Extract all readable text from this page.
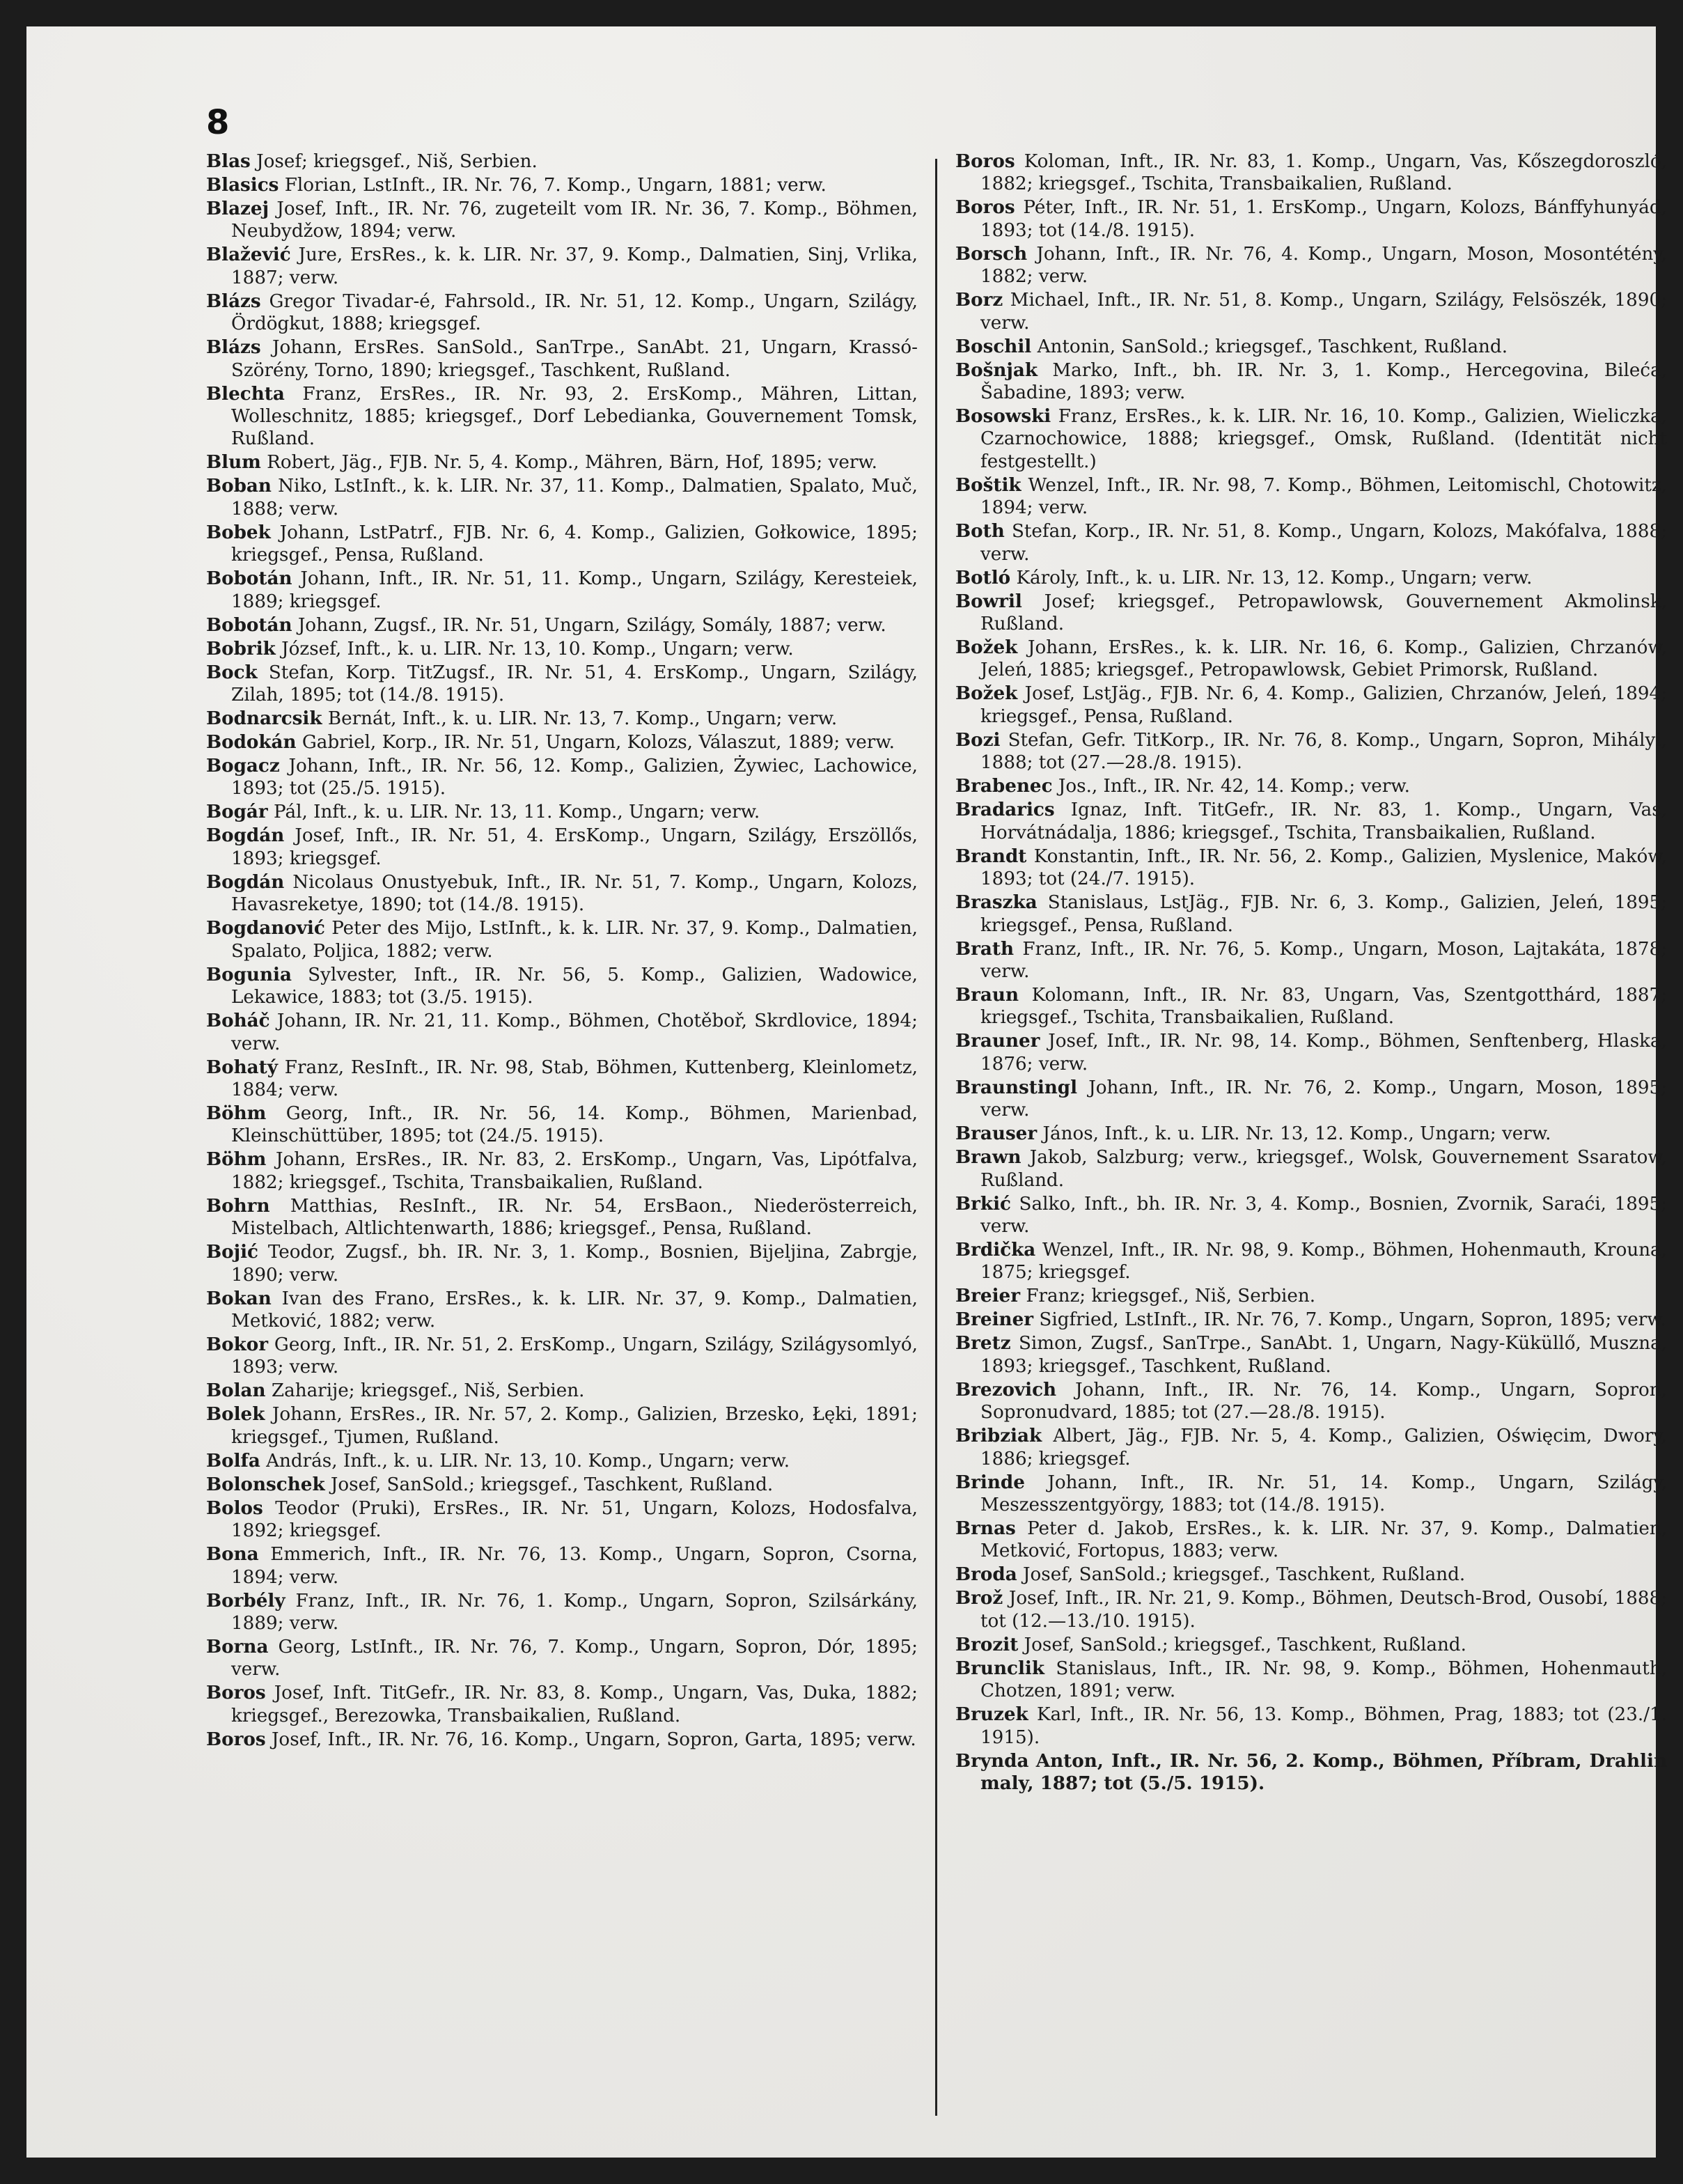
8
Blas Josef; kriegsgef., Niš, Serbien.
Blasics Florian, LstInft., IR. Nr. 76, 7. Komp., Ungarn, 1881; verw.
Blazej Josef, Inft., IR. Nr. 76, zugeteilt vom IR. Nr. 36, 7. Komp., Böhmen, Neubydžow, 1894; verw.
Blažević Jure, ErsRes., k. k. LIR. Nr. 37, 9. Komp., Dalmatien, Sinj, Vrlika, 1887; verw.
Blázs Gregor Tivadar-é, Fahrsold., IR. Nr. 51, 12. Komp., Ungarn, Szilágy, Ördögkut, 1888; kriegsgef.
Blázs Johann, ErsRes. SanSold., SanTrpe., SanAbt. 21, Ungarn, Krassó-Szörény, Torno, 1890; kriegsgef., Taschkent, Rußland.
Blechta Franz, ErsRes., IR. Nr. 93, 2. ErsKomp., Mähren, Littan, Wolleschnitz, 1885; kriegsgef., Dorf Lebedianka, Gouvernement Tomsk, Rußland.
Blum Robert, Jäg., FJB. Nr. 5, 4. Komp., Mähren, Bärn, Hof, 1895; verw.
Boban Niko, LstInft., k. k. LIR. Nr. 37, 11. Komp., Dalmatien, Spalato, Muč, 1888; verw.
Bobek Johann, LstPatrf., FJB. Nr. 6, 4. Komp., Galizien, Gołkowice, 1895; kriegsgef., Pensa, Rußland.
Bobotán Johann, Inft., IR. Nr. 51, 11. Komp., Ungarn, Szilágy, Keresteiek, 1889; kriegsgef.
Bobotán Johann, Zugsf., IR. Nr. 51, Ungarn, Szilágy, Somály, 1887; verw.
Bobrik József, Inft., k. u. LIR. Nr. 13, 10. Komp., Ungarn; verw.
Bock Stefan, Korp. TitZugsf., IR. Nr. 51, 4. ErsKomp., Ungarn, Szilágy, Zilah, 1895; tot (14./8. 1915).
Bodnarcsik Bernát, Inft., k. u. LIR. Nr. 13, 7. Komp., Ungarn; verw.
Bodokán Gabriel, Korp., IR. Nr. 51, Ungarn, Kolozs, Válaszut, 1889; verw.
Bogacz Johann, Inft., IR. Nr. 56, 12. Komp., Galizien, Żywiec, Lachowice, 1893; tot (25./5. 1915).
Bogár Pál, Inft., k. u. LIR. Nr. 13, 11. Komp., Ungarn; verw.
Bogdán Josef, Inft., IR. Nr. 51, 4. ErsKomp., Ungarn, Szilágy, Erszöllős, 1893; kriegsgef.
Bogdán Nicolaus Onustyebuk, Inft., IR. Nr. 51, 7. Komp., Ungarn, Kolozs, Havasreketye, 1890; tot (14./8. 1915).
Bogdanović Peter des Mijo, LstInft., k. k. LIR. Nr. 37, 9. Komp., Dalmatien, Spalato, Poljica, 1882; verw.
Bogunia Sylvester, Inft., IR. Nr. 56, 5. Komp., Galizien, Wadowice, Lekawice, 1883; tot (3./5. 1915).
Boháč Johann, IR. Nr. 21, 11. Komp., Böhmen, Chotěboř, Skrdlovice, 1894; verw.
Bohatý Franz, ResInft., IR. Nr. 98, Stab, Böhmen, Kuttenberg, Kleinlometz, 1884; verw.
Böhm Georg, Inft., IR. Nr. 56, 14. Komp., Böhmen, Marienbad, Kleinschüttüber, 1895; tot (24./5. 1915).
Böhm Johann, ErsRes., IR. Nr. 83, 2. ErsKomp., Ungarn, Vas, Lipótfalva, 1882; kriegsgef., Tschita, Transbaikalien, Rußland.
Bohrn Matthias, ResInft., IR. Nr. 54, ErsBaon., Niederösterreich, Mistelbach, Altlichtenwarth, 1886; kriegsgef., Pensa, Rußland.
Bojić Teodor, Zugsf., bh. IR. Nr. 3, 1. Komp., Bosnien, Bijeljina, Zabrgje, 1890; verw.
Bokan Ivan des Frano, ErsRes., k. k. LIR. Nr. 37, 9. Komp., Dalmatien, Metković, 1882; verw.
Bokor Georg, Inft., IR. Nr. 51, 2. ErsKomp., Ungarn, Szilágy, Szilágysomlyó, 1893; verw.
Bolan Zaharije; kriegsgef., Niš, Serbien.
Bolek Johann, ErsRes., IR. Nr. 57, 2. Komp., Galizien, Brzesko, Łęki, 1891; kriegsgef., Tjumen, Rußland.
Bolfa András, Inft., k. u. LIR. Nr. 13, 10. Komp., Ungarn; verw.
Bolonschek Josef, SanSold.; kriegsgef., Taschkent, Rußland.
Bolos Teodor (Pruki), ErsRes., IR. Nr. 51, Ungarn, Kolozs, Hodosfalva, 1892; kriegsgef.
Bona Emmerich, Inft., IR. Nr. 76, 13. Komp., Ungarn, Sopron, Csorna, 1894; verw.
Borbély Franz, Inft., IR. Nr. 76, 1. Komp., Ungarn, Sopron, Szilsárkány, 1889; verw.
Borna Georg, LstInft., IR. Nr. 76, 7. Komp., Ungarn, Sopron, Dór, 1895; verw.
Boros Josef, Inft. TitGefr., IR. Nr. 83, 8. Komp., Ungarn, Vas, Duka, 1882; kriegsgef., Berezowka, Transbaikalien, Rußland.
Boros Josef, Inft., IR. Nr. 76, 16. Komp., Ungarn, Sopron, Garta, 1895; verw.
Boros Koloman, Inft., IR. Nr. 83, 1. Komp., Ungarn, Vas, Kőszegdoroszló, 1882; kriegsgef., Tschita, Transbaikalien, Rußland.
Boros Péter, Inft., IR. Nr. 51, 1. ErsKomp., Ungarn, Kolozs, Bánffyhunyád, 1893; tot (14./8. 1915).
Borsch Johann, Inft., IR. Nr. 76, 4. Komp., Ungarn, Moson, Mosontétény, 1882; verw.
Borz Michael, Inft., IR. Nr. 51, 8. Komp., Ungarn, Szilágy, Felsöszék, 1890; verw.
Boschil Antonin, SanSold.; kriegsgef., Taschkent, Rußland.
Bošnjak Marko, Inft., bh. IR. Nr. 3, 1. Komp., Hercegovina, Bileća, Šabadine, 1893; verw.
Bosowski Franz, ErsRes., k. k. LIR. Nr. 16, 10. Komp., Galizien, Wieliczka, Czarnochowice, 1888; kriegsgef., Omsk, Rußland. (Identität nicht festgestellt.)
Boštik Wenzel, Inft., IR. Nr. 98, 7. Komp., Böhmen, Leitomischl, Chotowitz, 1894; verw.
Both Stefan, Korp., IR. Nr. 51, 8. Komp., Ungarn, Kolozs, Makófalva, 1888; verw.
Botló Károly, Inft., k. u. LIR. Nr. 13, 12. Komp., Ungarn; verw.
Bowril Josef; kriegsgef., Petropawlowsk, Gouvernement Akmolinsk, Rußland.
Božek Johann, ErsRes., k. k. LIR. Nr. 16, 6. Komp., Galizien, Chrzanów, Jeleń, 1885; kriegsgef., Petropawlowsk, Gebiet Primorsk, Rußland.
Božek Josef, LstJäg., FJB. Nr. 6, 4. Komp., Galizien, Chrzanów, Jeleń, 1894; kriegsgef., Pensa, Rußland.
Bozi Stefan, Gefr. TitKorp., IR. Nr. 76, 8. Komp., Ungarn, Sopron, Mihályi, 1888; tot (27.—28./8. 1915).
Brabenec Jos., Inft., IR. Nr. 42, 14. Komp.; verw.
Bradarics Ignaz, Inft. TitGefr., IR. Nr. 83, 1. Komp., Ungarn, Vas, Horvátnádalja, 1886; kriegsgef., Tschita, Transbaikalien, Rußland.
Brandt Konstantin, Inft., IR. Nr. 56, 2. Komp., Galizien, Myslenice, Maków, 1893; tot (24./7. 1915).
Braszka Stanislaus, LstJäg., FJB. Nr. 6, 3. Komp., Galizien, Jeleń, 1895; kriegsgef., Pensa, Rußland.
Brath Franz, Inft., IR. Nr. 76, 5. Komp., Ungarn, Moson, Lajtakáta, 1878; verw.
Braun Kolomann, Inft., IR. Nr. 83, Ungarn, Vas, Szentgotthárd, 1887; kriegsgef., Tschita, Transbaikalien, Rußland.
Brauner Josef, Inft., IR. Nr. 98, 14. Komp., Böhmen, Senftenberg, Hlaska, 1876; verw.
Braunstingl Johann, Inft., IR. Nr. 76, 2. Komp., Ungarn, Moson, 1895; verw.
Brauser János, Inft., k. u. LIR. Nr. 13, 12. Komp., Ungarn; verw.
Brawn Jakob, Salzburg; verw., kriegsgef., Wolsk, Gouvernement Ssaratow, Rußland.
Brkić Salko, Inft., bh. IR. Nr. 3, 4. Komp., Bosnien, Zvornik, Saraći, 1895; verw.
Brdička Wenzel, Inft., IR. Nr. 98, 9. Komp., Böhmen, Hohenmauth, Krouna, 1875; kriegsgef.
Breier Franz; kriegsgef., Niš, Serbien.
Breiner Sigfried, LstInft., IR. Nr. 76, 7. Komp., Ungarn, Sopron, 1895; verw.
Bretz Simon, Zugsf., SanTrpe., SanAbt. 1, Ungarn, Nagy-Küküllő, Muszna, 1893; kriegsgef., Taschkent, Rußland.
Brezovich Johann, Inft., IR. Nr. 76, 14. Komp., Ungarn, Sopron, Sopronudvard, 1885; tot (27.—28./8. 1915).
Bribziak Albert, Jäg., FJB. Nr. 5, 4. Komp., Galizien, Oświęcim, Dwory, 1886; kriegsgef.
Brinde Johann, Inft., IR. Nr. 51, 14. Komp., Ungarn, Szilágy, Meszesszentgyörgy, 1883; tot (14./8. 1915).
Brnas Peter d. Jakob, ErsRes., k. k. LIR. Nr. 37, 9. Komp., Dalmatien, Metković, Fortopus, 1883; verw.
Broda Josef, SanSold.; kriegsgef., Taschkent, Rußland.
Brož Josef, Inft., IR. Nr. 21, 9. Komp., Böhmen, Deutsch-Brod, Ousobí, 1888; tot (12.—13./10. 1915).
Brozit Josef, SanSold.; kriegsgef., Taschkent, Rußland.
Brunclik Stanislaus, Inft., IR. Nr. 98, 9. Komp., Böhmen, Hohenmauth, Chotzen, 1891; verw.
Bruzek Karl, Inft., IR. Nr. 56, 13. Komp., Böhmen, Prag, 1883; tot (23./1. 1915).
Brynda Anton, Inft., IR. Nr. 56, 2. Komp., Böhmen, Příbram, Drahlin maly, 1887; tot (5./5. 1915).
